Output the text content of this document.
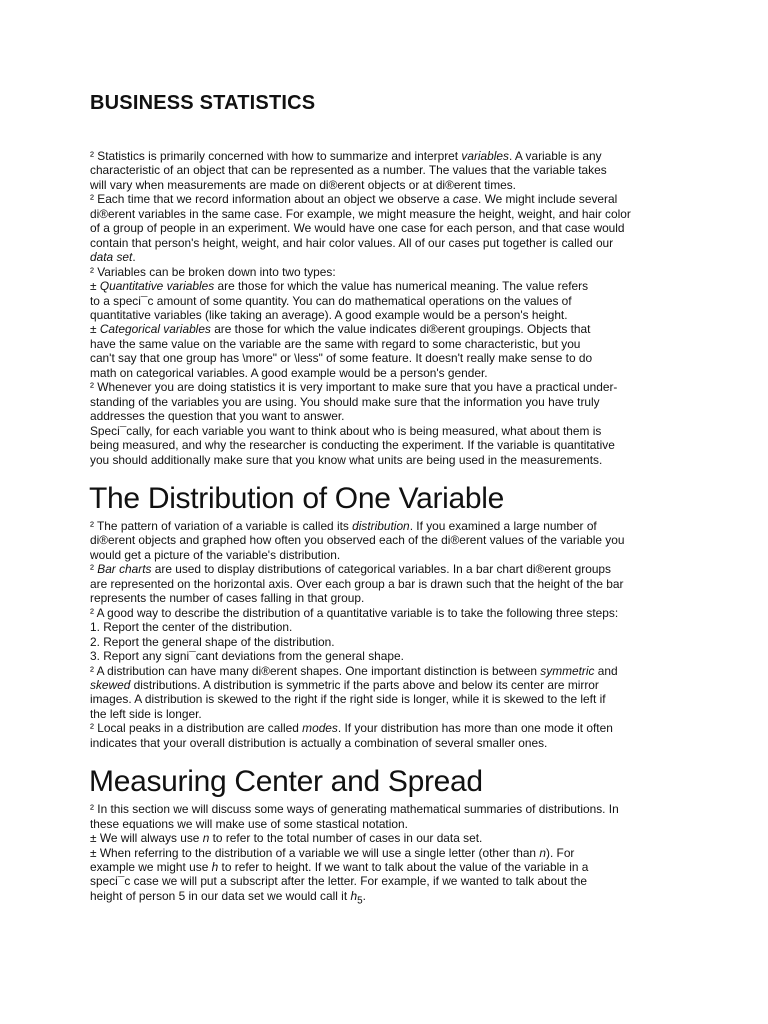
BUSINESS STATISTICS
² Statistics is primarily concerned with how to summarize and interpret variables. A variable is any
characteristic of an object that can be represented as a number. The values that the variable takes
will vary when measurements are made on di®erent objects or at di®erent times.
² Each time that we record information about an object we observe a case. We might include several
di®erent variables in the same case. For example, we might measure the height, weight, and hair color
of a group of people in an experiment. We would have one case for each person, and that case would
contain that person's height, weight, and hair color values. All of our cases put together is called our
data set.
² Variables can be broken down into two types:
± Quantitative variables are those for which the value has numerical meaning. The value refers
to a speci¯c amount of some quantity. You can do mathematical operations on the values of
quantitative variables (like taking an average). A good example would be a person's height.
± Categorical variables are those for which the value indicates di®erent groupings. Objects that
have the same value on the variable are the same with regard to some characteristic, but you
can't say that one group has \more" or \less" of some feature. It doesn't really make sense to do
math on categorical variables. A good example would be a person's gender.
² Whenever you are doing statistics it is very important to make sure that you have a practical under-
standing of the variables you are using. You should make sure that the information you have truly
addresses the question that you want to answer.
Speci¯cally, for each variable you want to think about who is being measured, what about them is
being measured, and why the researcher is conducting the experiment. If the variable is quantitative
you should additionally make sure that you know what units are being used in the measurements.
The Distribution of One Variable
² The pattern of variation of a variable is called its distribution. If you examined a large number of
di®erent objects and graphed how often you observed each of the di®erent values of the variable you
would get a picture of the variable's distribution.
² Bar charts are used to display distributions of categorical variables. In a bar chart di®erent groups
are represented on the horizontal axis. Over each group a bar is drawn such that the height of the bar
represents the number of cases falling in that group.
² A good way to describe the distribution of a quantitative variable is to take the following three steps:
1. Report the center of the distribution.
2. Report the general shape of the distribution.
3. Report any signi¯cant deviations from the general shape.
² A distribution can have many di®erent shapes. One important distinction is between symmetric and
skewed distributions. A distribution is symmetric if the parts above and below its center are mirror
images. A distribution is skewed to the right if the right side is longer, while it is skewed to the left if
the left side is longer.
² Local peaks in a distribution are called modes. If your distribution has more than one mode it often
indicates that your overall distribution is actually a combination of several smaller ones.
Measuring Center and Spread
² In this section we will discuss some ways of generating mathematical summaries of distributions. In
these equations we will make use of some stastical notation.
± We will always use n to refer to the total number of cases in our data set.
± When referring to the distribution of a variable we will use a single letter (other than n). For
example we might use h to refer to height. If we want to talk about the value of the variable in a
speci¯c case we will put a subscript after the letter. For example, if we wanted to talk about the
height of person 5 in our data set we would call it $h_5$.
